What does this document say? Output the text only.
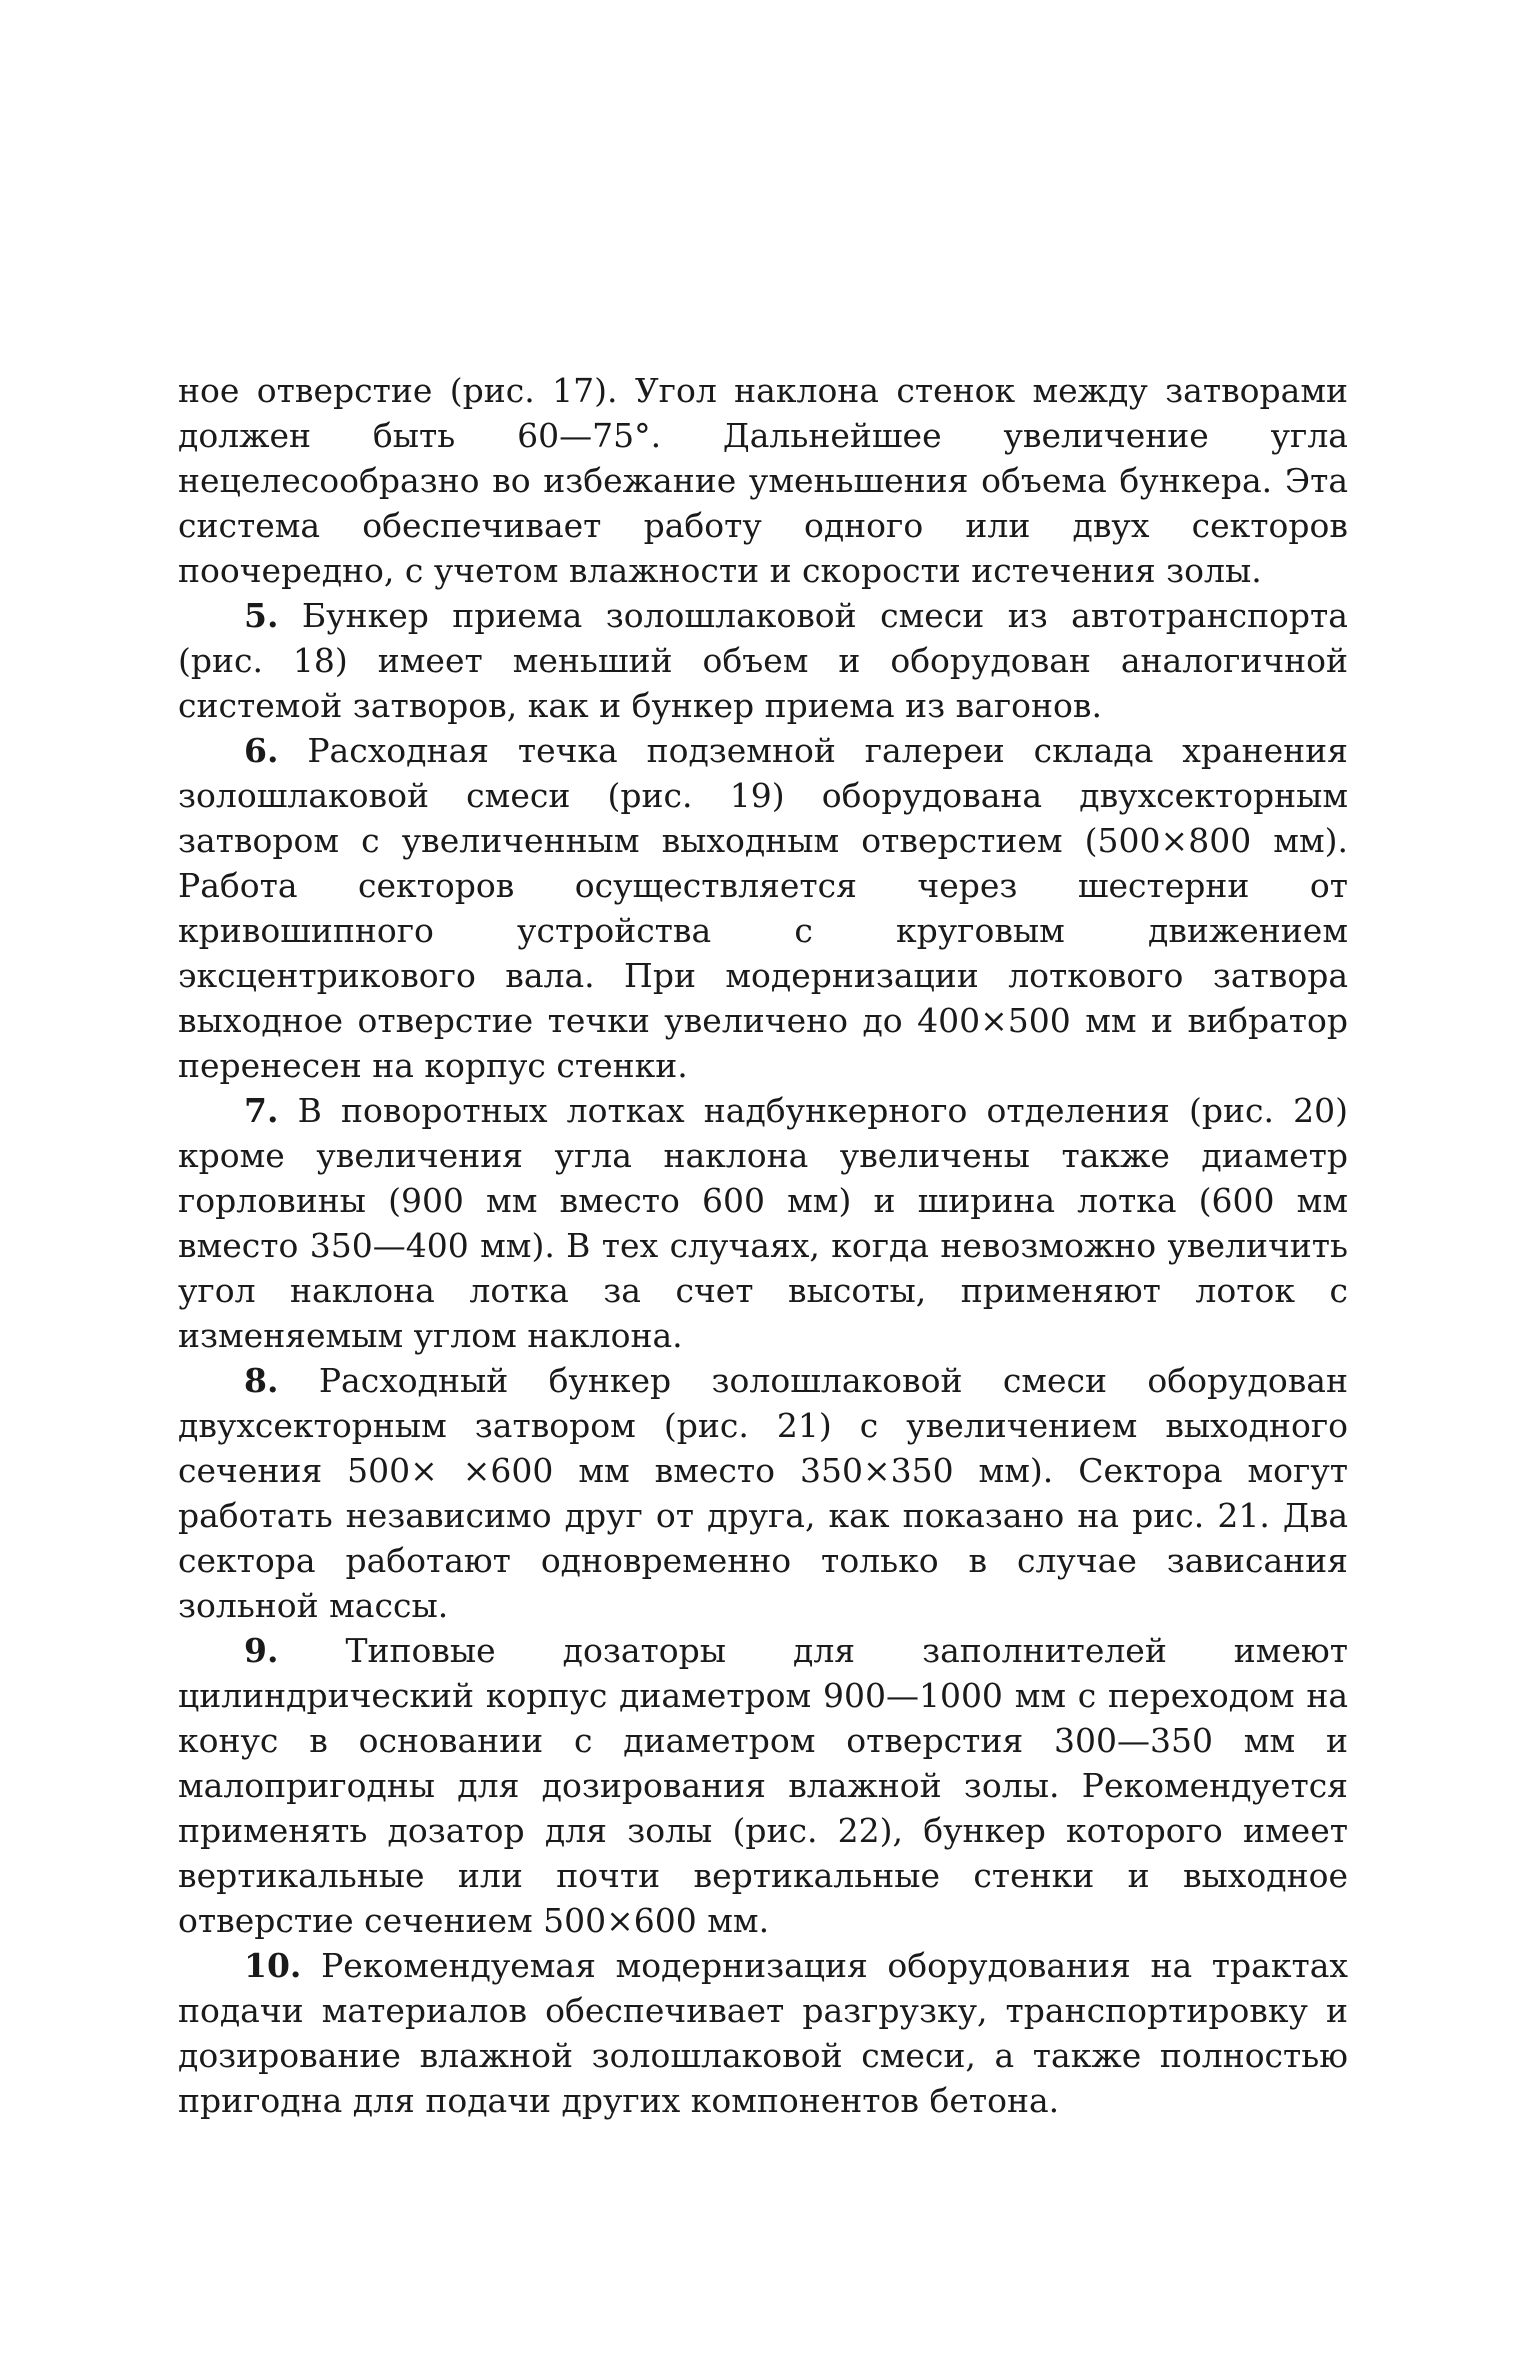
ное отверстие (рис. 17). Угол наклона стенок между затворами должен быть 60—75°. Дальнейшее увеличение угла нецелесообразно во избежание уменьшения объема бункера. Эта система обеспечивает работу одного или двух секторов поочередно, с учетом влажности и скорости истечения золы.

5. Бункер приема золошлаковой смеси из автотранспорта (рис. 18) имеет меньший объем и оборудован аналогичной системой затворов, как и бункер приема из вагонов.

6. Расходная течка подземной галереи склада хранения золошлаковой смеси (рис. 19) оборудована двухсекторным затвором с увеличенным выходным отверстием (500×800 мм). Работа секторов осуществляется через шестерни от кривошипного устройства с круговым движением эксцентрикового вала. При модернизации лоткового затвора выходное отверстие течки увеличено до 400×500 мм и вибратор перенесен на корпус стенки.

7. В поворотных лотках надбункерного отделения (рис. 20) кроме увеличения угла наклона увеличены также диаметр горловины (900 мм вместо 600 мм) и ширина лотка (600 мм вместо 350—400 мм). В тех случаях, когда невозможно увеличить угол наклона лотка за счет высоты, применяют лоток с изменяемым углом наклона.

8. Расходный бункер золошлаковой смеси оборудован двухсекторным затвором (рис. 21) с увеличением выходного сечения 500× ×600 мм вместо 350×350 мм). Сектора могут работать независимо друг от друга, как показано на рис. 21. Два сектора работают одновременно только в случае зависания зольной массы.

9. Типовые дозаторы для заполнителей имеют цилиндрический корпус диаметром 900—1000 мм с переходом на конус в основании с диаметром отверстия 300—350 мм и малопригодны для дозирования влажной золы. Рекомендуется применять дозатор для золы (рис. 22), бункер которого имеет вертикальные или почти вертикальные стенки и выходное отверстие сечением 500×600 мм.

10. Рекомендуемая модернизация оборудования на трактах подачи материалов обеспечивает разгрузку, транспортировку и дозирование влажной золошлаковой смеси, а также полностью пригодна для подачи других компонентов бетона.
